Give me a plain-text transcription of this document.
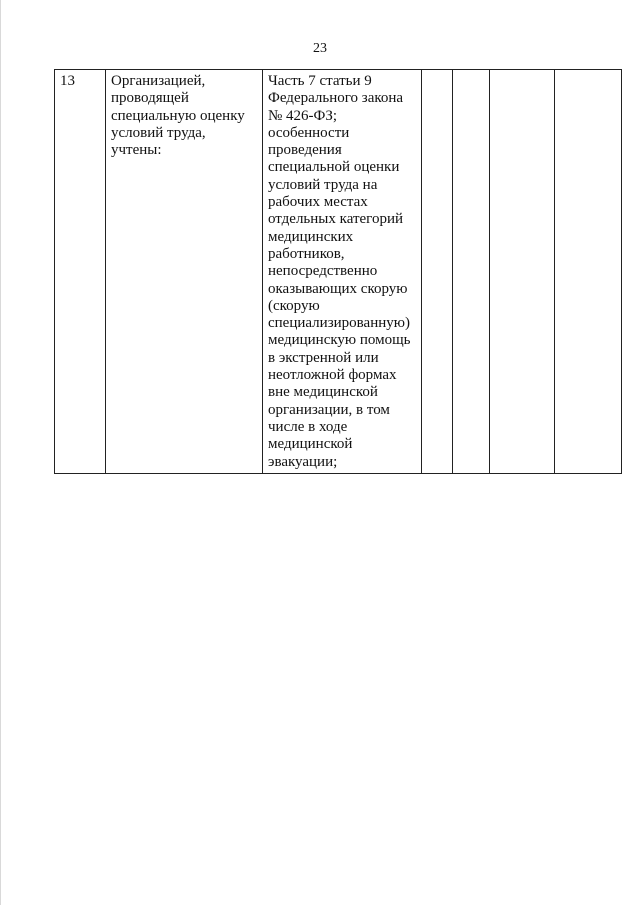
23
13	Организацией,
проводящей
специальную оценку
условий труда,
учтены:

Часть 7 статьи 9
Федерального закона
№ 426-ФЗ;
особенности
проведения
специальной оценки
условий труда на
рабочих местах
отдельных категорий
медицинских
работников,
непосредственно
оказывающих скорую
(скорую
специализированную)
медицинскую помощь
в экстренной или
неотложной формах
вне медицинской
организации, в том
числе в ходе
медицинской
эвакуации;
